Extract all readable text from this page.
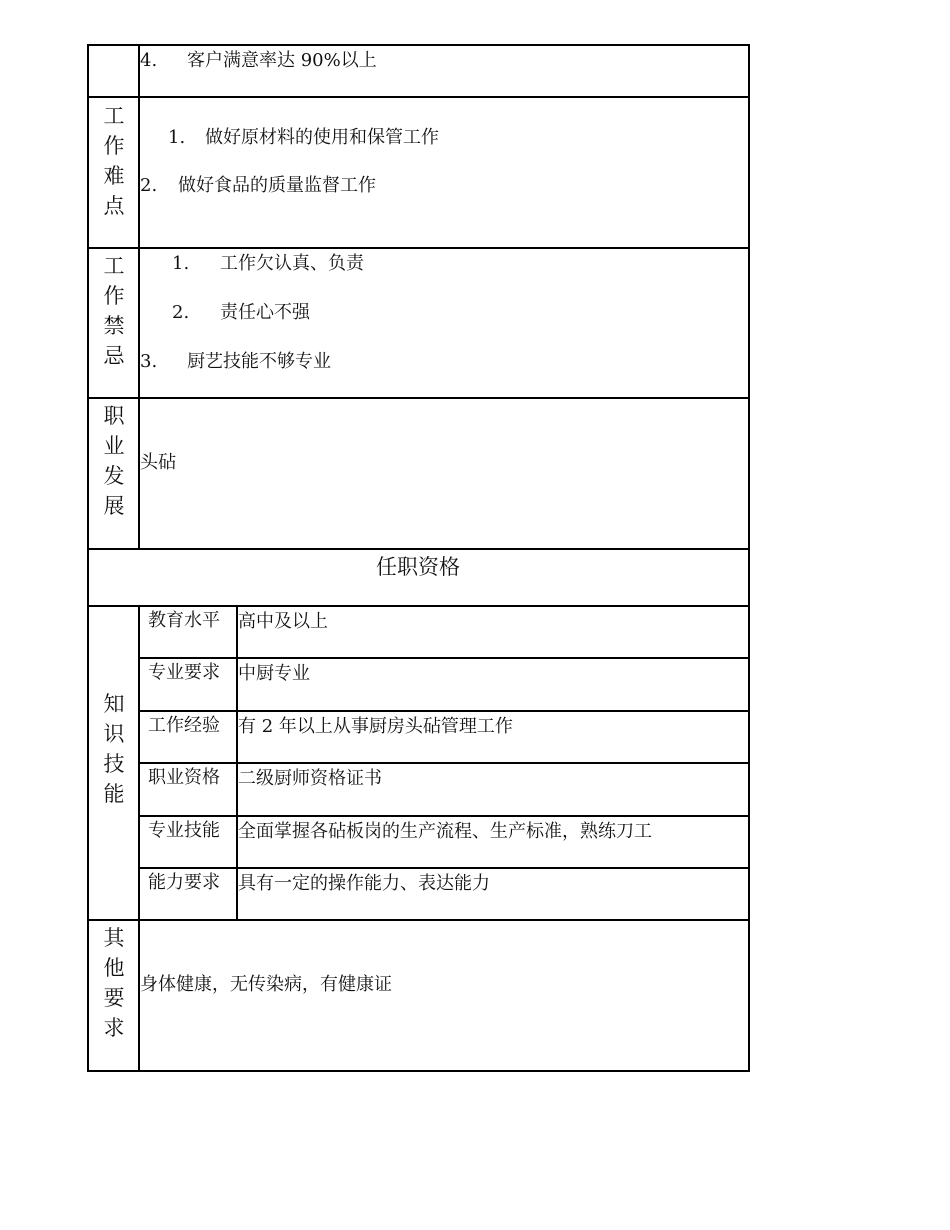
4. 客户满意率达 90%以上
工
作
难
点
1. 做好原材料的使用和保管工作
2. 做好食品的质量监督工作
工
作
禁
忌
1. 工作欠认真、负责
2. 责任心不强
3. 厨艺技能不够专业
职
业
发
展
头砧
任职资格
知
识
技
能
教育水平 高中及以上
专业要求 中厨专业
工作经验 有 2 年以上从事厨房头砧管理工作
职业资格 二级厨师资格证书
专业技能 全面掌握各砧板岗的生产流程、生产标准，熟练刀工
能力要求 具有一定的操作能力、表达能力
其
他
要
求
身体健康，无传染病，有健康证
